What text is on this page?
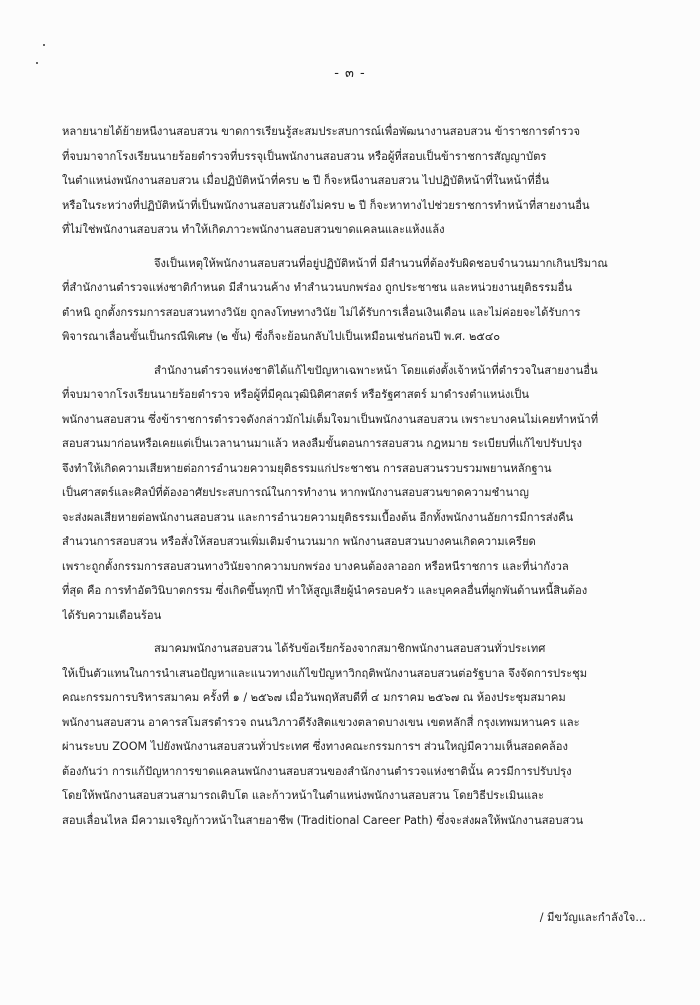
- ๓ -
หลายนายได้ย้ายหนีงานสอบสวน ขาดการเรียนรู้สะสมประสบการณ์เพื่อพัฒนางานสอบสวน ข้าราชการตำรวจ
ที่จบมาจากโรงเรียนนายร้อยตำรวจที่บรรจุเป็นพนักงานสอบสวน หรือผู้ที่สอบเป็นข้าราชการสัญญาบัตร
ในตำแหน่งพนักงานสอบสวน เมื่อปฏิบัติหน้าที่ครบ ๒ ปี ก็จะหนีงานสอบสวน ไปปฏิบัติหน้าที่ในหน้าที่อื่น
หรือในระหว่างที่ปฏิบัติหน้าที่เป็นพนักงานสอบสวนยังไม่ครบ ๒ ปี ก็จะหาทางไปช่วยราชการทำหน้าที่สายงานอื่น
ที่ไม่ใช่พนักงานสอบสวน ทำให้เกิดภาวะพนักงานสอบสวนขาดแคลนและแห้งแล้ง
จึงเป็นเหตุให้พนักงานสอบสวนที่อยู่ปฏิบัติหน้าที่ มีสำนวนที่ต้องรับผิดชอบจำนวนมากเกินปริมาณ
ที่สำนักงานตำรวจแห่งชาติกำหนด มีสำนวนค้าง ทำสำนวนบกพร่อง ถูกประชาชน และหน่วยงานยุติธรรมอื่น
ตำหนิ ถูกตั้งกรรมการสอบสวนทางวินัย ถูกลงโทษทางวินัย ไม่ได้รับการเลื่อนเงินเดือน และไม่ค่อยจะได้รับการ
พิจารณาเลื่อนขั้นเป็นกรณีพิเศษ (๒ ขั้น) ซึ่งก็จะย้อนกลับไปเป็นเหมือนเช่นก่อนปี พ.ศ. ๒๕๔๐
สำนักงานตำรวจแห่งชาติได้แก้ไขปัญหาเฉพาะหน้า โดยแต่งตั้งเจ้าหน้าที่ตำรวจในสายงานอื่น
ที่จบมาจากโรงเรียนนายร้อยตำรวจ หรือผู้ที่มีคุณวุฒินิติศาสตร์ หรือรัฐศาสตร์ มาดำรงตำแหน่งเป็น
พนักงานสอบสวน ซึ่งข้าราชการตำรวจดังกล่าวมักไม่เต็มใจมาเป็นพนักงานสอบสวน เพราะบางคนไม่เคยทำหน้าที่
สอบสวนมาก่อนหรือเคยแต่เป็นเวลานานมาแล้ว หลงลืมขั้นตอนการสอบสวน กฎหมาย ระเบียบที่แก้ไขปรับปรุง
จึงทำให้เกิดความเสียหายต่อการอำนวยความยุติธรรมแก่ประชาชน การสอบสวนรวบรวมพยานหลักฐาน
เป็นศาสตร์และศิลป์ที่ต้องอาศัยประสบการณ์ในการทำงาน หากพนักงานสอบสวนขาดความชำนาญ
จะส่งผลเสียหายต่อพนักงานสอบสวน และการอำนวยความยุติธรรมเบื้องต้น อีกทั้งพนักงานอัยการมีการส่งคืน
สำนวนการสอบสวน หรือสั่งให้สอบสวนเพิ่มเติมจำนวนมาก พนักงานสอบสวนบางคนเกิดความเครียด
เพราะถูกตั้งกรรมการสอบสวนทางวินัยจากความบกพร่อง บางคนต้องลาออก หรือหนีราชการ และที่น่ากังวล
ที่สุด คือ การทำอัตวินิบาตกรรม ซึ่งเกิดขึ้นทุกปี ทำให้สูญเสียผู้นำครอบครัว และบุคคลอื่นที่ผูกพันด้านหนี้สินต้อง
ได้รับความเดือนร้อน
สมาคมพนักงานสอบสวน ได้รับข้อเรียกร้องจากสมาชิกพนักงานสอบสวนทั่วประเทศ
ให้เป็นตัวแทนในการนำเสนอปัญหาและแนวทางแก้ไขปัญหาวิกฤติพนักงานสอบสวนต่อรัฐบาล จึงจัดการประชุม
คณะกรรมการบริหารสมาคม ครั้งที่ ๑ / ๒๕๖๗ เมื่อวันพฤหัสบดีที่ ๔ มกราคม ๒๕๖๗ ณ ห้องประชุมสมาคม
พนักงานสอบสวน อาคารสโมสรตำรวจ ถนนวิภาวดีรังสิตแขวงตลาดบางเขน เขตหลักสี่ กรุงเทพมหานคร และ
ผ่านระบบ ZOOM ไปยังพนักงานสอบสวนทั่วประเทศ ซึ่งทางคณะกรรมการฯ ส่วนใหญ่มีความเห็นสอดคล้อง
ต้องกันว่า การแก้ปัญหาการขาดแคลนพนักงานสอบสวนของสำนักงานตำรวจแห่งชาตินั้น ควรมีการปรับปรุง
โดยให้พนักงานสอบสวนสามารถเติบโต และก้าวหน้าในตำแหน่งพนักงานสอบสวน โดยวิธีประเมินและ
สอบเลื่อนไหล มีความเจริญก้าวหน้าในสายอาชีพ (Traditional Career Path) ซึ่งจะส่งผลให้พนักงานสอบสวน
/ มีขวัญและกำลังใจ...
